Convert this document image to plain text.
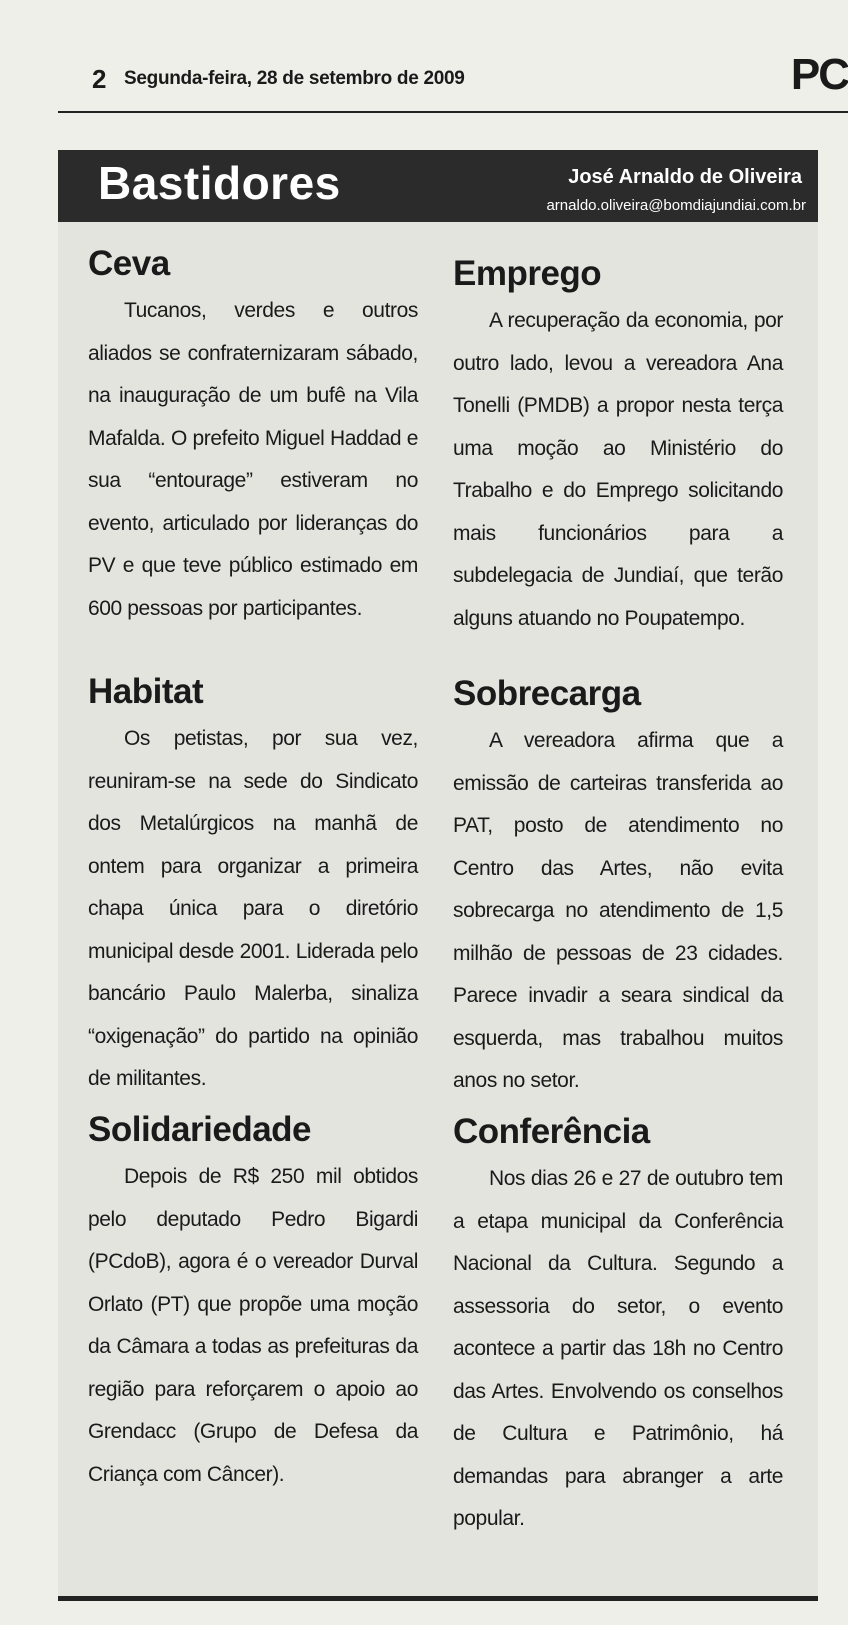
2 Segunda-feira, 28 de setembro de 2009	PC
Bastidores	José Arnaldo de Oliveira
arnaldo.oliveira@bomdiajundiai.com.br
Ceva

Tucanos, verdes e outros aliados se confraternizaram sábado, na inauguração de um bufê na Vila Mafalda. O prefeito Miguel Haddad e sua “entourage” estiveram no evento, articulado por lideranças do PV e que teve público estimado em 600 pessoas por participantes.

Habitat

Os petistas, por sua vez, reuniram-se na sede do Sindicato dos Metalúrgicos na manhã de ontem para organizar a primeira chapa única para o diretório municipal desde 2001. Liderada pelo bancário Paulo Malerba, sinaliza “oxigenação” do partido na opinião de militantes.

Solidariedade

Depois de R$ 250 mil obtidos pelo deputado Pedro Bigardi (PCdoB), agora é o vereador Durval Orlato (PT) que propõe uma moção da Câmara a todas as prefeituras da região para reforçarem o apoio ao Grendacc (Grupo de Defesa da Criança com Câncer).

Emprego

A recuperação da economia, por outro lado, levou a vereadora Ana Tonelli (PMDB) a propor nesta terça uma moção ao Ministério do Trabalho e do Emprego solicitando mais funcionários para a subdelegacia de Jundiaí, que terão alguns atuando no Poupatempo.

Sobrecarga

A vereadora afirma que a emissão de carteiras transferida ao PAT, posto de atendimento no Centro das Artes, não evita sobrecarga no atendimento de 1,5 milhão de pessoas de 23 cidades. Parece invadir a seara sindical da esquerda, mas trabalhou muitos anos no setor.

Conferência

Nos dias 26 e 27 de outubro tem a etapa municipal da Conferência Nacional da Cultura. Segundo a assessoria do setor, o evento acontece a partir das 18h no Centro das Artes. Envolvendo os conselhos de Cultura e Patrimônio, há demandas para abranger a arte popular.
